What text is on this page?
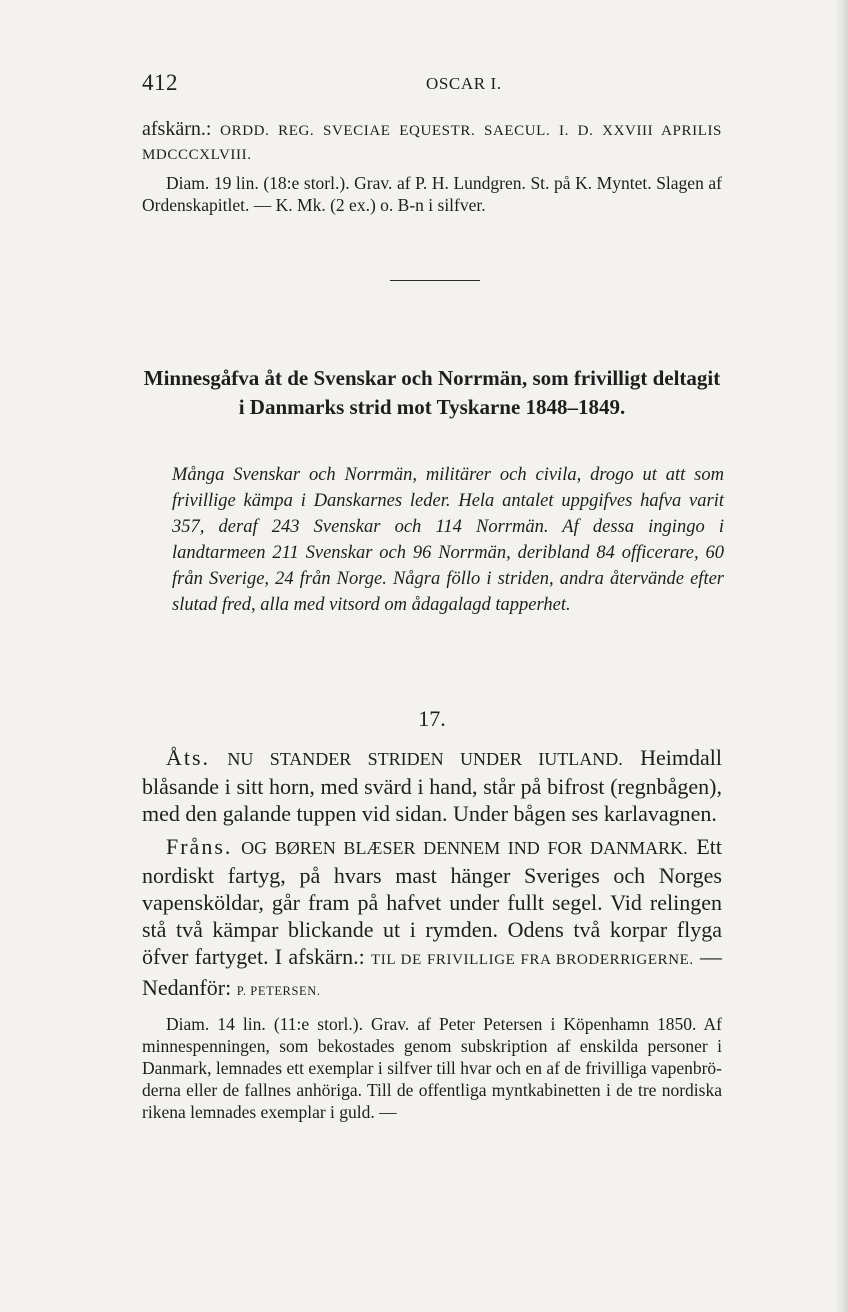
412	OSCAR I.

afskärn.: ORDD. REG. SVECIAE EQUESTR. SAECUL. I. D. XXVIII APRILIS MDCCCXLVIII.

Diam. 19 lin. (18:e storl.). Grav. af P. H. Lundgren. St. på K. Myntet. Slagen af Ordenskapitlet. — K. Mk. (2 ex.) o. B-n i silfver.

Minnesgåfva åt de Svenskar och Norrmän, som frivilligt deltagit i Danmarks strid mot Tyskarne 1848–1849.
Många Svenskar och Norrmän, militärer och civila, drogo ut att som frivillige kämpa i Danskarnes leder. Hela antalet uppgifves hafva varit 357, deraf 243 Svenskar och 114 Norrmän. Af dessa ingingo i landtarmeen 211 Svenskar och 96 Norrmän, deribland 84 officerare, 60 från Sverige, 24 från Norge. Några föllo i striden, andra återvände efter slutad fred, alla med vitsord om ådagalagd tapperhet.
17.

Åts. NU STANDER STRIDEN UNDER IUTLAND. Heimdall blåsande i sitt horn, med svärd i hand, står på bifrost (regnbågen), med den galande tuppen vid sidan. Under bågen ses karlavagnen.

Fråns. OG BØREN BLÆSER DENNEM IND FOR DANMARK. Ett nordiskt fartyg, på hvars mast hänger Sveriges och Norges vapensköldar, går fram på hafvet under fullt segel. Vid relingen stå två kämpar blickande ut i rymden. Odens två korpar flyga öfver fartyget. I afskärn.: TIL DE FRIVILLIGE FRA BRODERRIGERNE. — Nedanför: P. PETERSEN.

Diam. 14 lin. (11:e storl.). Grav. af Peter Petersen i Köpenhamn 1850. Af minnespenningen, som bekostades genom subskription af enskilda personer i Danmark, lemnades ett exemplar i silfver till hvar och en af de frivilliga vapenbröderna eller de fallnes anhöriga. Till de offentliga myntkabinetten i de tre nordiska rikena lemnades exemplar i guld. —
